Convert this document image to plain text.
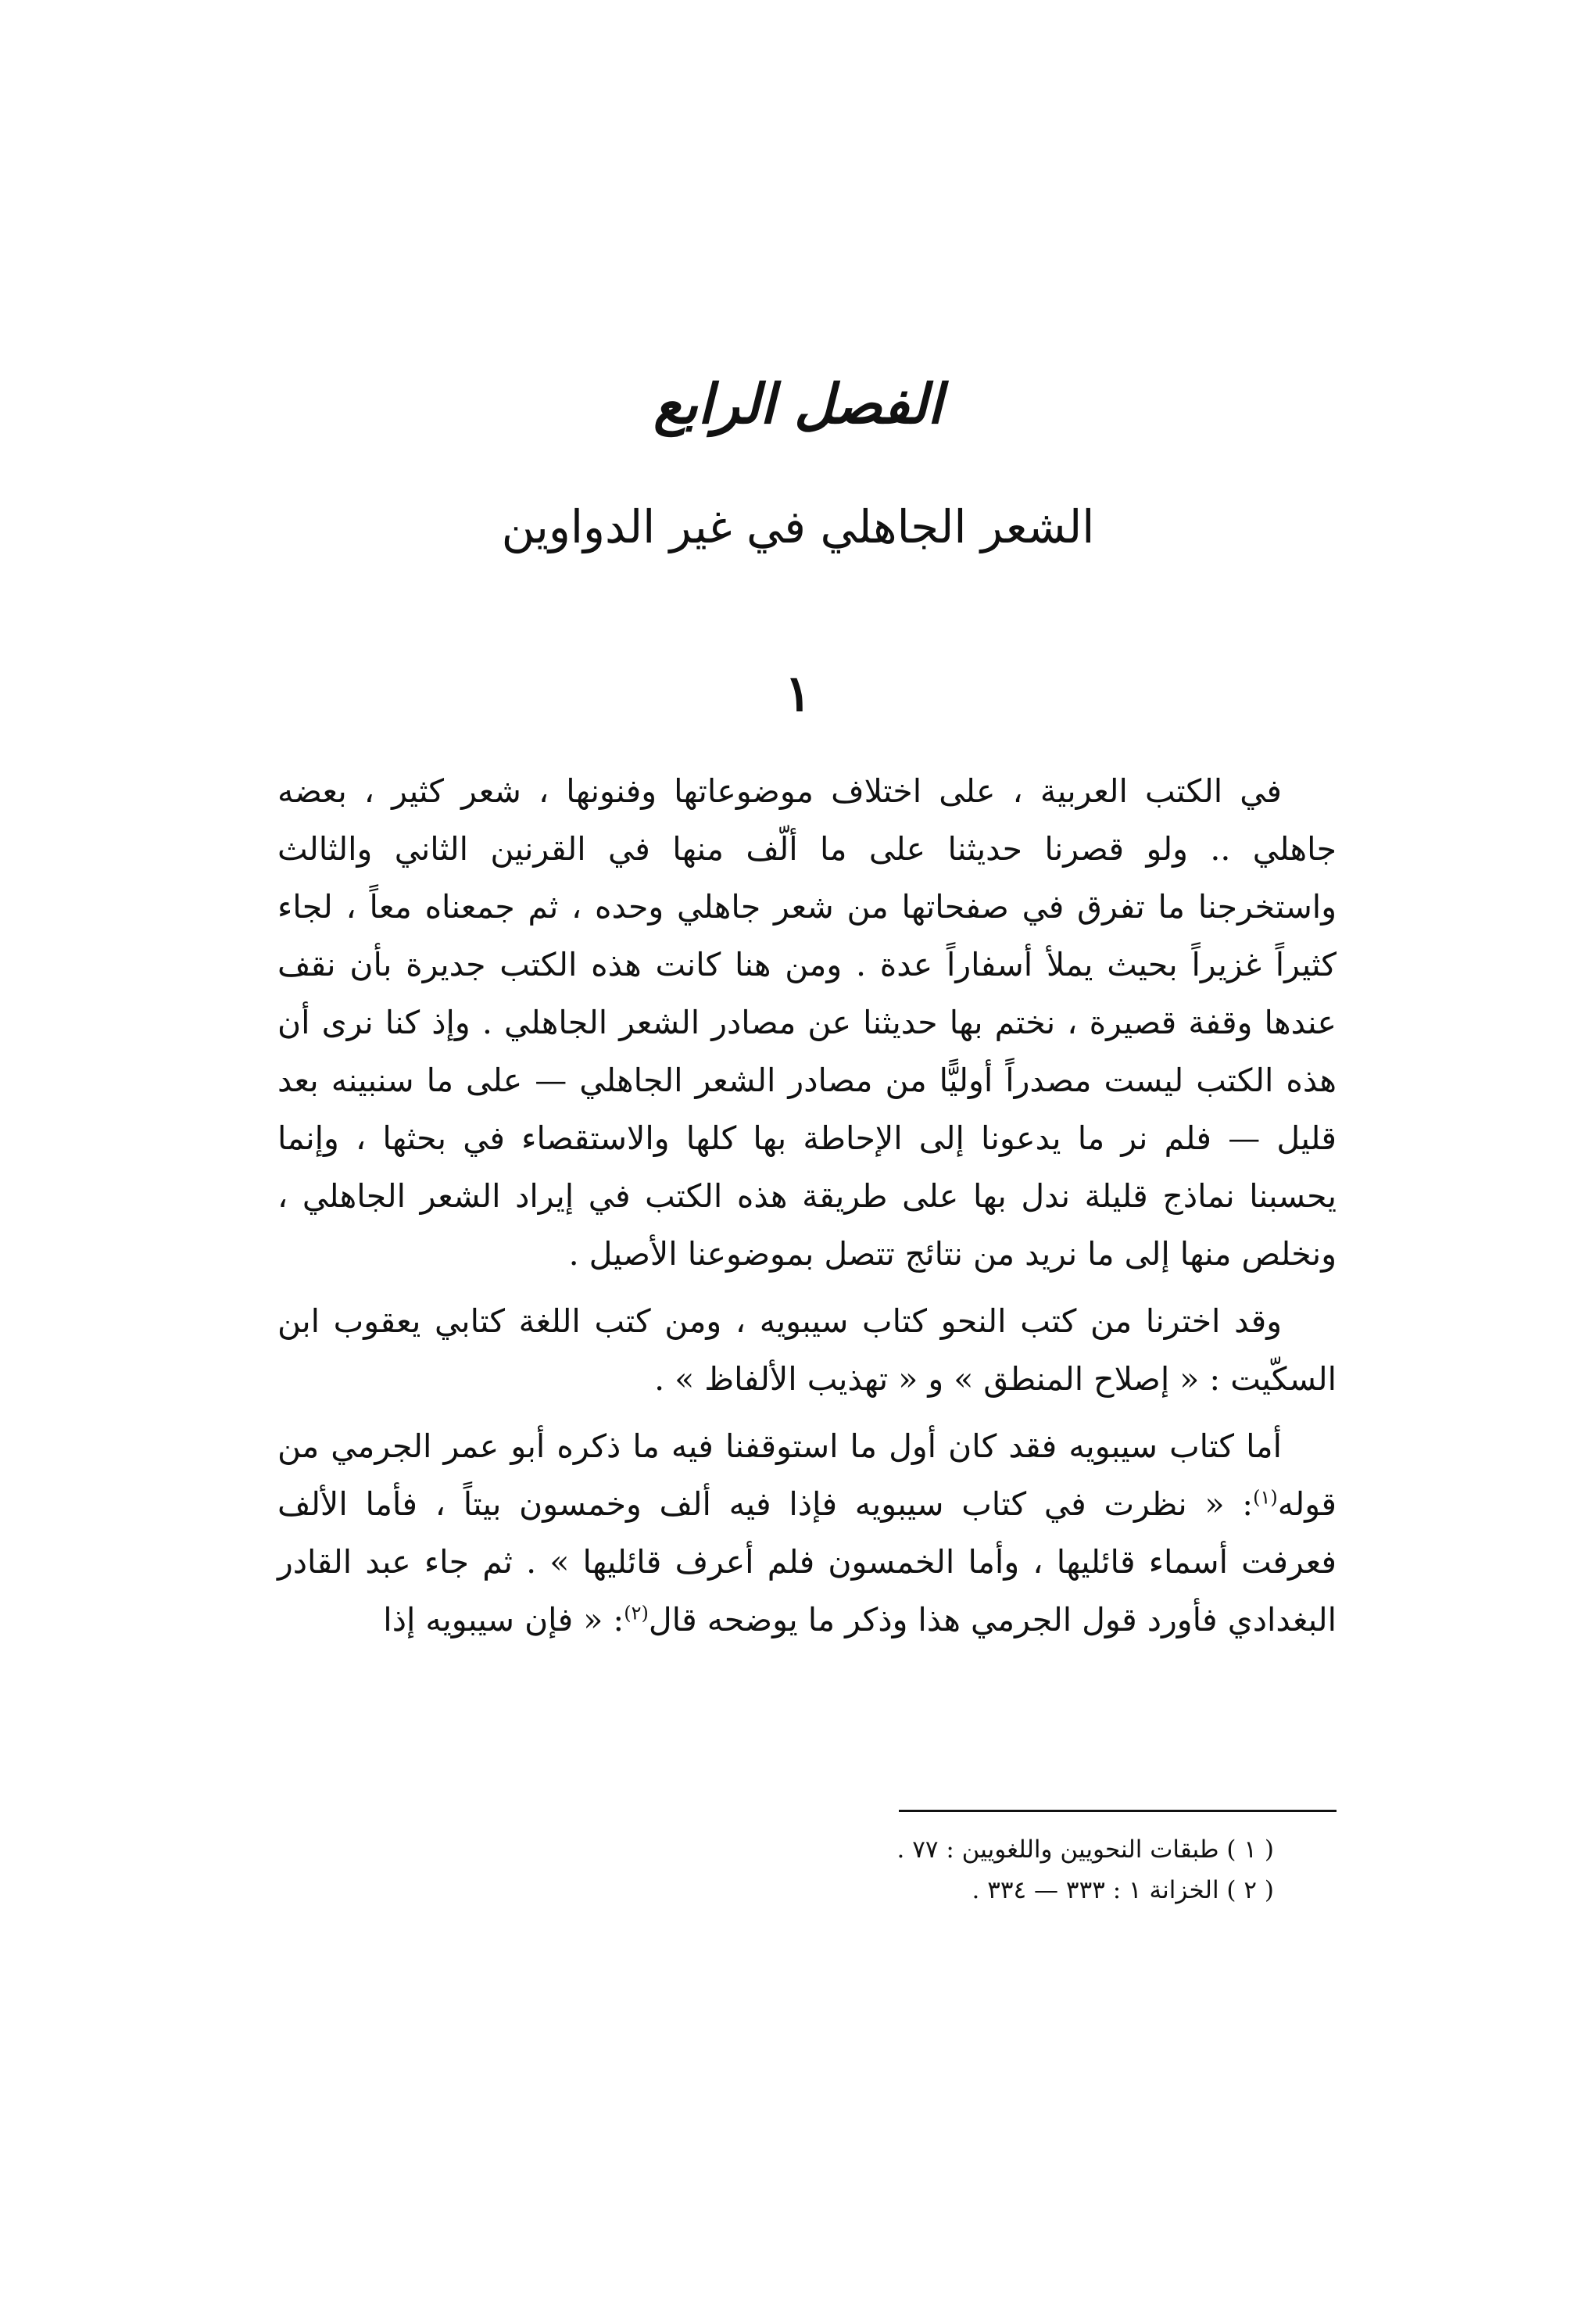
الفصل الرابع
الشعر الجاهلي في غير الدواوين
١

في الكتب العربية ، على اختلاف موضوعاتها وفنونها ، شعر كثير ، بعضه جاهلي .. ولو قصرنا حديثنا على ما ألّف منها في القرنين الثاني والثالث واستخرجنا ما تفرق في صفحاتها من شعر جاهلي وحده ، ثم جمعناه معاً ، لجاء كثيراً غزيراً بحيث يملأ أسفاراً عدة . ومن هنا كانت هذه الكتب جديرة بأن نقف عندها وقفة قصيرة ، نختم بها حديثنا عن مصادر الشعر الجاهلي . وإذ كنا نرى أن هذه الكتب ليست مصدراً أوليًّا من مصادر الشعر الجاهلي — على ما سنبينه بعد قليل — فلم نر ما يدعونا إلى الإحاطة بها كلها والاستقصاء في بحثها ، وإنما يحسبنا نماذج قليلة ندل بها على طريقة هذه الكتب في إيراد الشعر الجاهلي ، ونخلص منها إلى ما نريد من نتائج تتصل بموضوعنا الأصيل .

وقد اخترنا من كتب النحو كتاب سيبويه ، ومن كتب اللغة كتابي يعقوب ابن السكّيت : « إصلاح المنطق » و « تهذيب الألفاظ » .

أما كتاب سيبويه فقد كان أول ما استوقفنا فيه ما ذكره أبو عمر الجرمي من قوله$^{(١)}$: « نظرت في كتاب سيبويه فإذا فيه ألف وخمسون بيتاً ، فأما الألف فعرفت أسماء قائليها ، وأما الخمسون فلم أعرف قائليها » . ثم جاء عبد القادر البغدادي فأورد قول الجرمي هذا وذكر ما يوضحه قال$^{(٢)}$: « فإن سيبويه إذا

( ١ ) طبقات النحويين واللغويين : ٧٧ .

( ٢ ) الخزانة ١ : ٣٣٣ — ٣٣٤ .
